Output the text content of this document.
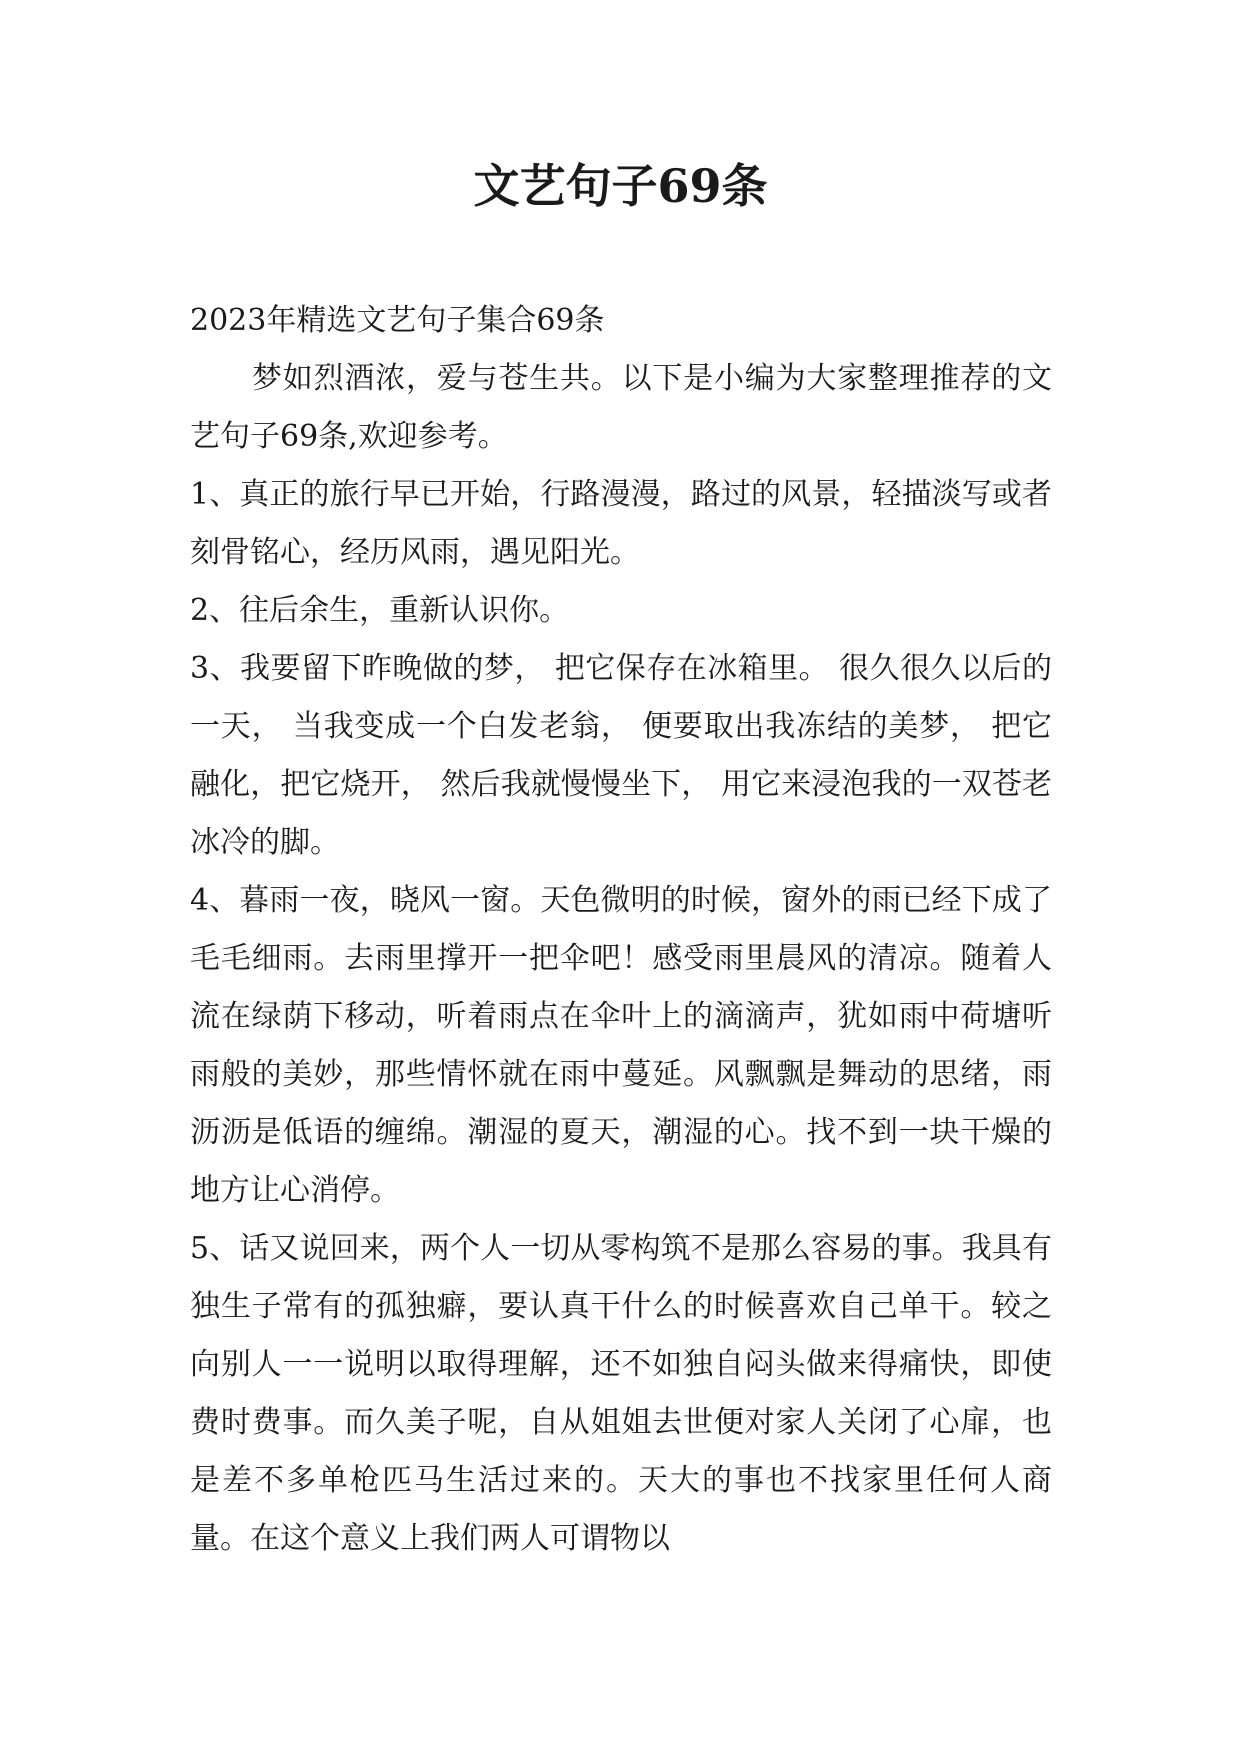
文艺句子69条

2023年精选文艺句子集合69条

梦如烈酒浓，爱与苍生共。以下是小编为大家整理推荐的文艺句子69条,欢迎参考。

1、真正的旅行早已开始，行路漫漫，路过的风景，轻描淡写或者刻骨铭心，经历风雨，遇见阳光。

2、往后余生，重新认识你。

3、我要留下昨晚做的梦， 把它保存在冰箱里。 很久很久以后的一天， 当我变成一个白发老翁， 便要取出我冻结的美梦， 把它融化，把它烧开， 然后我就慢慢坐下， 用它来浸泡我的一双苍老冰冷的脚。

4、暮雨一夜，晓风一窗。天色微明的时候，窗外的雨已经下成了毛毛细雨。去雨里撑开一把伞吧！感受雨里晨风的清凉。随着人流在绿荫下移动，听着雨点在伞叶上的滴滴声，犹如雨中荷塘听雨般的美妙，那些情怀就在雨中蔓延。风飘飘是舞动的思绪，雨沥沥是低语的缠绵。潮湿的夏天，潮湿的心。找不到一块干燥的地方让心消停。

5、话又说回来，两个人一切从零构筑不是那么容易的事。我具有独生子常有的孤独癖，要认真干什么的时候喜欢自己单干。较之向别人一一说明以取得理解，还不如独自闷头做来得痛快，即使费时费事。而久美子呢，自从姐姐去世便对家人关闭了心扉，也是差不多单枪匹马生活过来的。天大的事也不找家里任何人商量。在这个意义上我们两人可谓物以
